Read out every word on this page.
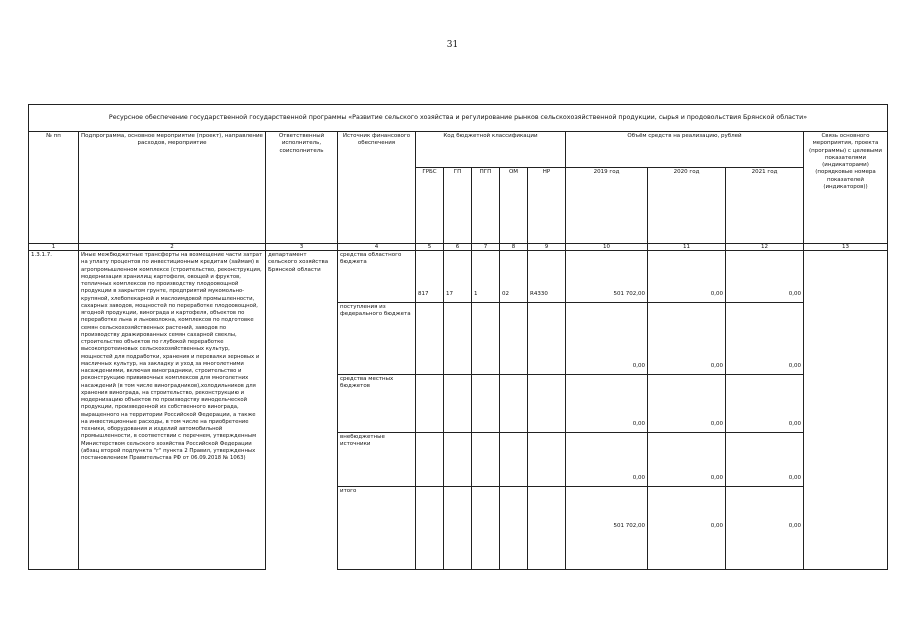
31
Ресурсное обеспечение государственной государственной программы «Развитие сельского хозяйства и регулирование рынков сельскохозяйственной продукции, сырья и продовольствия Брянской области»												
№ пп	Подпрограмма, основное мероприятие (проект), направление расходов, мероприятие	Ответственный исполнитель, соисполнитель	Источник финансового обеспечения	Код бюджетной классификации					Объём средств на реализацию, рублей			Связь основного мероприятия, проекта (программы) с целевыми показателями (индикаторами) (порядковые номера показателей (индикаторов))
				ГРБС	ГП	ПГП	ОМ	НР	2019 год	2020 год	2021 год	
1	2	3	4	5	6	7	8	9	10	11	12	13
1.3.1.7.	Иные межбюджетные трансферты на возмещение части затрат на уплату процентов по инвестиционным кредитам (займам) в агропромышленном комплексе (строительство, реконструкция, модернизация хранилищ картофеля, овощей и фруктов, тепличных комплексов по производству плодоовощной продукции в закрытом грунте, предприятий мукомольно-крупяной, хлебопекарной и маслоимдовой промышленности, сахарных заводов, мощностей по переработке плодоовощной, ягодной продукции, винограда и картофеля, объектов по переработке льна и льноволокна, комплексов по подготовке семян сельскохозяйственных растений, заводов по производству дражированных семян сахарной свеклы, строительство объектов по глубокой переработке высокопротеиновых сельскохозяйственных культур, мощностей для подработки, хранения и перевалки зерновых и масличных культур, на закладку и уход за многолетними насаждениями, включая виноградники, строительство и реконструкцию прививочных комплексов для многолетних насаждений (в том числе виноградников),холодильников для хранения винограда, на строительство, реконструкцию и модернизацию объектов по производству винодельческой продукции, произведенной из собственного винограда, выращенного на территории Российской Федерации, а также на инвестиционные расходы, в том числе на приобретение техники, оборудования и изделий автомобильной промышленности, в соответствии с перечнем, утвержденным Министерством сельского хозяйства Российской Федерации (абзац второй подпункта "г" пункта 2 Правил, утвержденных постановлением Правительства РФ от 06.09.2018 № 1063)	департамент сельского хозяйства Брянской области	средства областного бюджета	817	17	1	02	R4330	501 702,00	0,00	0,00	
			поступления из федерального бюджета						0,00	0,00	0,00	
			средства местных бюджетов						0,00	0,00	0,00	
			внебюджетные источники						0,00	0,00	0,00	
			итого						501 702,00	0,00	0,00	
